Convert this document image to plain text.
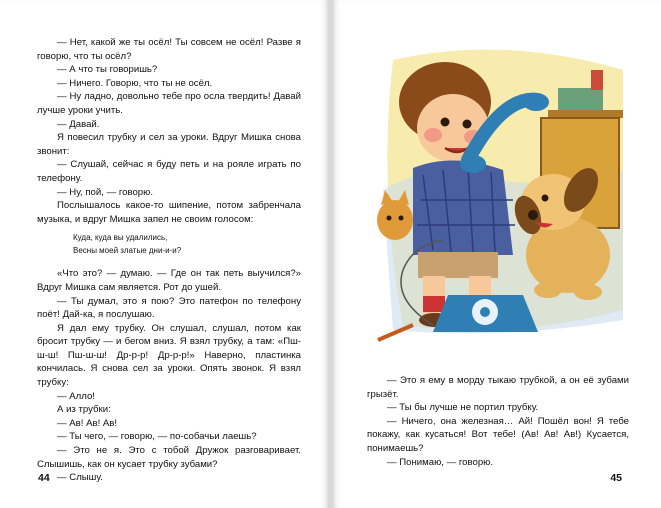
— Нет, какой же ты осёл! Ты совсем не осёл! Разве я говорю, что ты осёл?

— А что ты говоришь?

— Ничего. Говорю, что ты не осёл.

— Ну ладно, довольно тебе про осла твердить! Давай лучше уроки учить.

— Давай.

Я повесил трубку и сел за уроки. Вдруг Мишка снова звонит:

— Слушай, сейчас я буду петь и на рояле играть по телефону.

— Ну, пой, — говорю.

Послышалось какое-то шипение, потом забренчала музыка, и вдруг Мишка запел не своим голосом:

Куда, куда вы удалились,
Весны моей златые дни-и-и?

«Что это? — думаю. — Где он так петь выучился?» Вдруг Мишка сам является. Рот до ушей.

— Ты думал, это я пою? Это патефон по телефону поёт! Дай-ка, я послушаю.

Я дал ему трубку. Он слушал, слушал, потом как бросит трубку — и бегом вниз. Я взял трубку, а там: «Пш-ш-ш! Пш-ш-ш! Др-р-р! Др-р-р!» Наверно, пластинка кончилась. Я снова сел за уроки. Опять звонок. Я взял трубку:

— Алло!

А из трубки:

— Ав! Ав! Ав!

— Ты чего, — говорю, — по-собачьи лаешь?

— Это не я. Это с тобой Дружок разговаривает. Слышишь, как он кусает трубку зубами?

— Слышу.

44

— Это я ему в морду тыкаю трубкой, а он её зубами грызёт.

— Ты бы лучше не портил трубку.

— Ничего, она железная… Ай! Пошёл вон! Я тебе покажу, как кусаться! Вот тебе! (Ав! Ав! Ав!) Кусается, понимаешь?

— Понимаю, — говорю.

45
